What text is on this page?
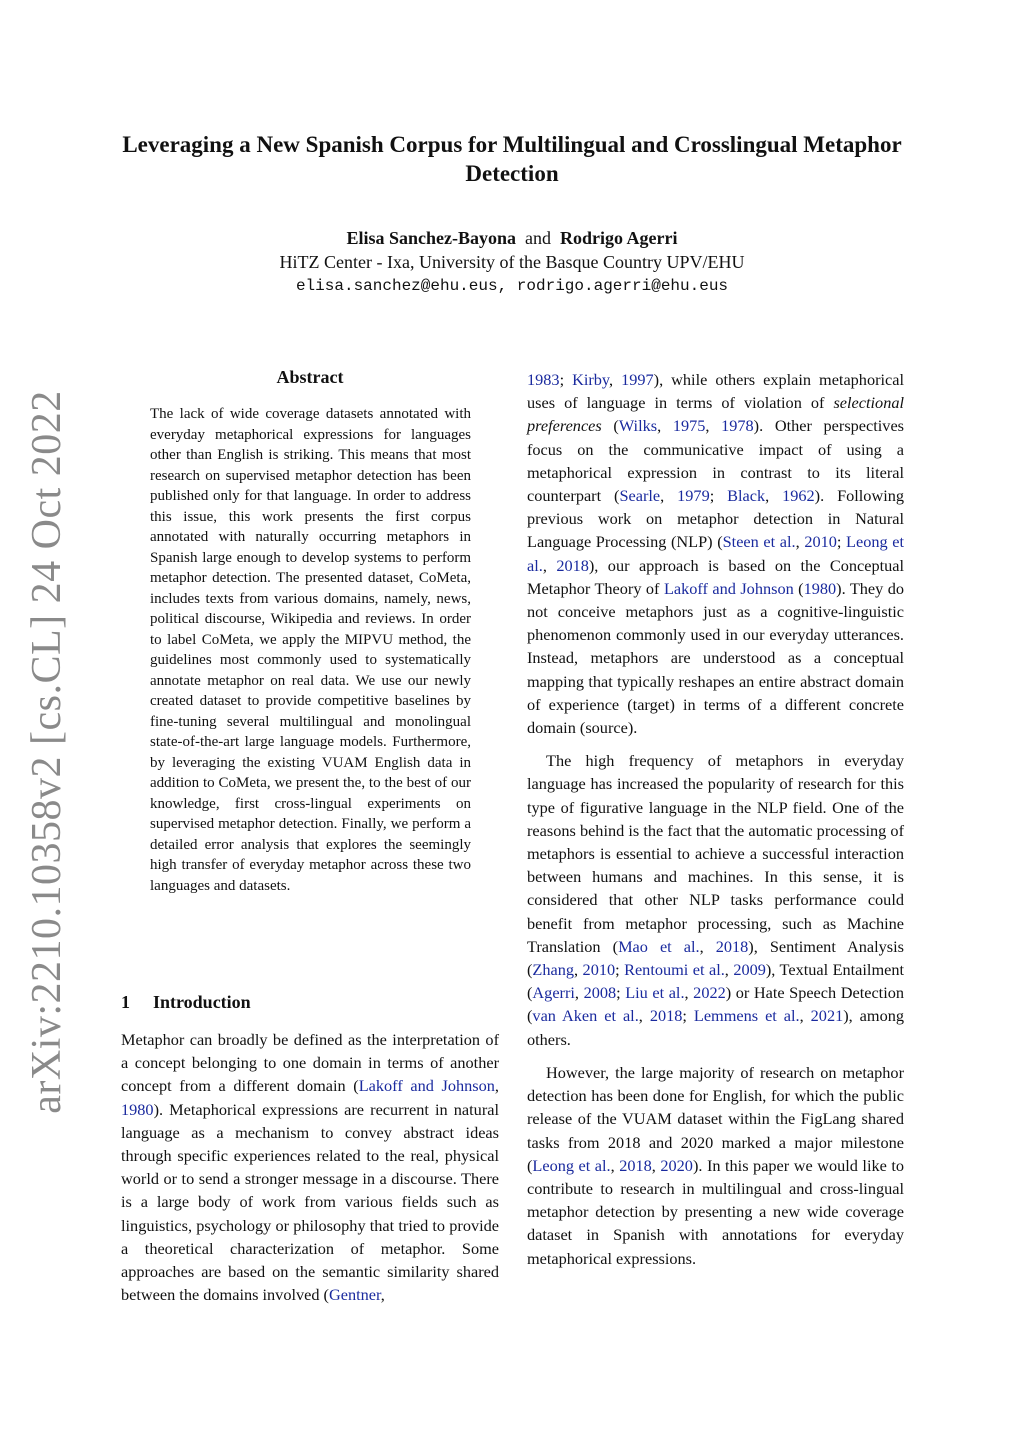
arXiv:2210.10358v2 [cs.CL] 24 Oct 2022
Leveraging a New Spanish Corpus for Multilingual and Crosslingual Metaphor Detection
Elisa Sanchez-Bayona and Rodrigo Agerri
HiTZ Center - Ixa, University of the Basque Country UPV/EHU
elisa.sanchez@ehu.eus, rodrigo.agerri@ehu.eus
Abstract
The lack of wide coverage datasets annotated with everyday metaphorical expressions for languages other than English is striking. This means that most research on supervised metaphor detection has been published only for that language. In order to address this issue, this work presents the first corpus annotated with naturally occurring metaphors in Spanish large enough to develop systems to perform metaphor detection. The presented dataset, CoMeta, includes texts from various domains, namely, news, political discourse, Wikipedia and reviews. In order to label CoMeta, we apply the MIPVU method, the guidelines most commonly used to systematically annotate metaphor on real data. We use our newly created dataset to provide competitive baselines by fine-tuning several multilingual and monolingual state-of-the-art large language models. Furthermore, by leveraging the existing VUAM English data in addition to CoMeta, we present the, to the best of our knowledge, first cross-lingual experiments on supervised metaphor detection. Finally, we perform a detailed error analysis that explores the seemingly high transfer of everyday metaphor across these two languages and datasets.
1 Introduction
Metaphor can broadly be defined as the interpretation of a concept belonging to one domain in terms of another concept from a different domain (Lakoff and Johnson, 1980). Metaphorical expressions are recurrent in natural language as a mechanism to convey abstract ideas through specific experiences related to the real, physical world or to send a stronger message in a discourse. There is a large body of work from various fields such as linguistics, psychology or philosophy that tried to provide a theoretical characterization of metaphor. Some approaches are based on the semantic similarity shared between the domains involved (Gentner,

1983; Kirby, 1997), while others explain metaphorical uses of language in terms of violation of selectional preferences (Wilks, 1975, 1978). Other perspectives focus on the communicative impact of using a metaphorical expression in contrast to its literal counterpart (Searle, 1979; Black, 1962). Following previous work on metaphor detection in Natural Language Processing (NLP) (Steen et al., 2010; Leong et al., 2018), our approach is based on the Conceptual Metaphor Theory of Lakoff and Johnson (1980). They do not conceive metaphors just as a cognitive-linguistic phenomenon commonly used in our everyday utterances. Instead, metaphors are understood as a conceptual mapping that typically reshapes an entire abstract domain of experience (target) in terms of a different concrete domain (source).

The high frequency of metaphors in everyday language has increased the popularity of research for this type of figurative language in the NLP field. One of the reasons behind is the fact that the automatic processing of metaphors is essential to achieve a successful interaction between humans and machines. In this sense, it is considered that other NLP tasks performance could benefit from metaphor processing, such as Machine Translation (Mao et al., 2018), Sentiment Analysis (Zhang, 2010; Rentoumi et al., 2009), Textual Entailment (Agerri, 2008; Liu et al., 2022) or Hate Speech Detection (van Aken et al., 2018; Lemmens et al., 2021), among others.

However, the large majority of research on metaphor detection has been done for English, for which the public release of the VUAM dataset within the FigLang shared tasks from 2018 and 2020 marked a major milestone (Leong et al., 2018, 2020). In this paper we would like to contribute to research in multilingual and cross-lingual metaphor detection by presenting a new wide coverage dataset in Spanish with annotations for everyday metaphorical expressions.
